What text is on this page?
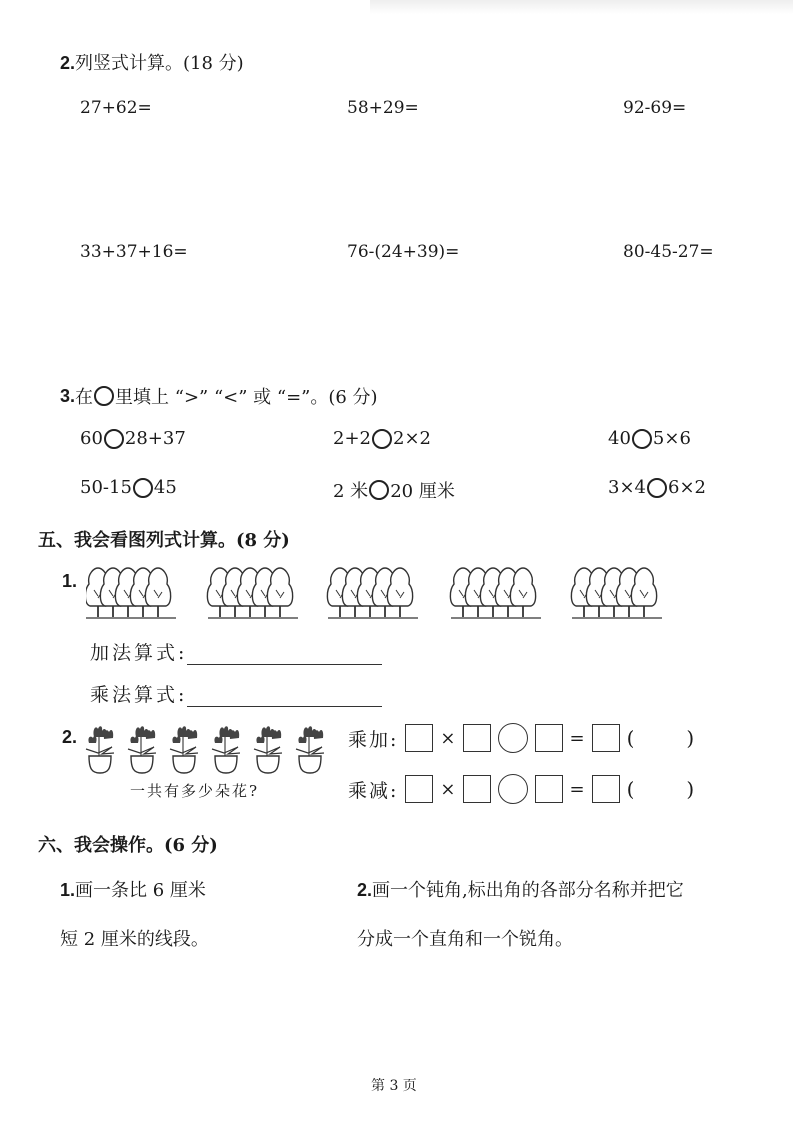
2.列竖式计算。(18 分)
27+62=	58+29=	92-69=
33+37+16=	76-(24+39)=	80-45-27=
3. 在 里填上 “>” “<” 或 “=”。(6 分)
60 28+37	2+2 2×2	40 5×6
50-15 45	2 米 20 厘米	3×4 6×2
五、我会看图列式计算。(8 分)
1.
加法算式:
乘法算式:
2.
一共有多少朵花?
乘加: ×	= (	)
乘减: ×	= (	)
六、我会操作。(6 分)
1.画一条比 6 厘米
短 2 厘米的线段。
2.画一个钝角,标出角的各部分名称并把它
分成一个直角和一个锐角。
第 3 页
